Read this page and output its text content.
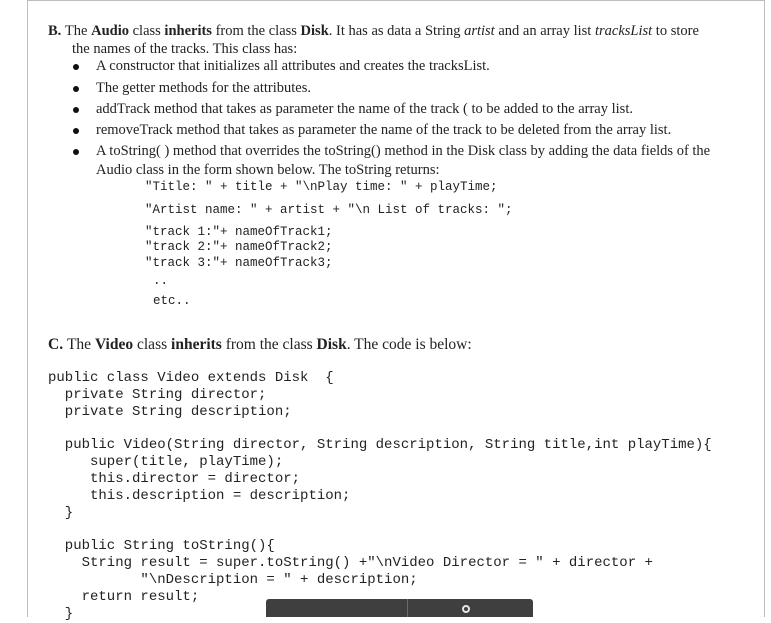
B. The Audio class inherits from the class Disk. It has as data a String artist and an array list tracksList to store
the names of the tracks. This class has:
A constructor that initializes all attributes and creates the tracksList.
The getter methods for the attributes.
addTrack method that takes as parameter the name of the track ( to be added to the array list.
removeTrack method that takes as parameter the name of the track to be deleted from the array list.
A toString( ) method that overrides the toString() method in the Disk class by adding the data fields of the
Audio class in the form shown below. The toString returns:
"Title: " + title + "\nPlay time: " + playTime;
"Artist name: " + artist + "\n List of tracks: ";
"track 1:"+ nameOfTrack1;
"track 2:"+ nameOfTrack2;
"track 3:"+ nameOfTrack3;
..
etc..
C. The Video class inherits from the class Disk. The code is below:
public class Video extends Disk  {
private String director;
private String description;
public Video(String director, String description, String title,int playTime){
super(title, playTime);
this.director = director;
this.description = description;
}
public String toString(){
String result = super.toString() +"\nVideo Director = " + director +
"\nDescription = " + description;
return result;
}
